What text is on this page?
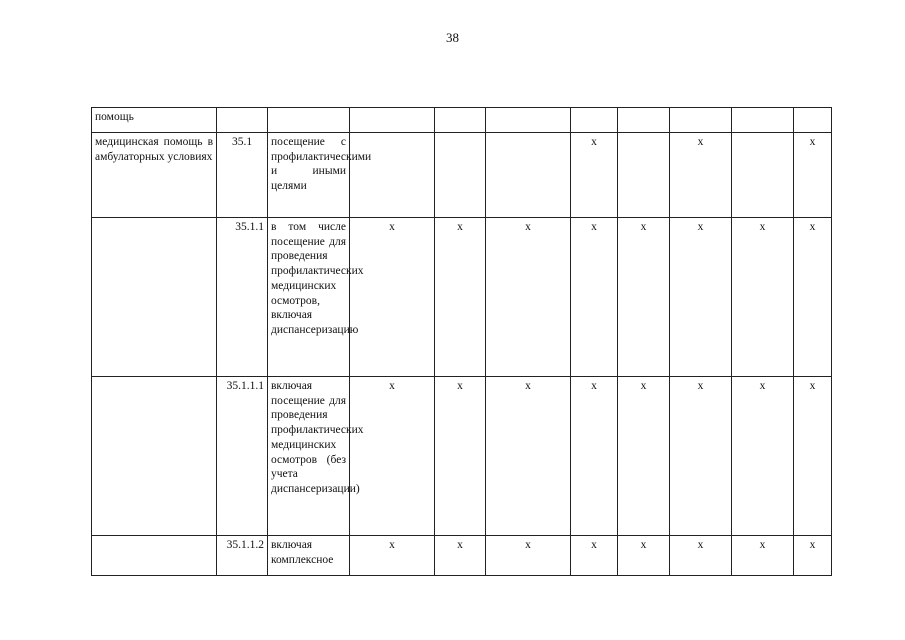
38
помощь										
медицинская помощь в амбулаторных условиях	35.1	посещение с профилактическими и иными целями				x		x		x
	35.1.1	в том числе посещение для проведения профилактических медицинских осмотров, включая диспансеризацию	x	x	x	x	x	x	x	x
	35.1.1.1	включая посещение для проведения профилактических медицинских осмотров (без учета диспансеризации)	x	x	x	x	x	x	x	x
	35.1.1.2	включая комплексное	x	x	x	x	x	x	x	x
